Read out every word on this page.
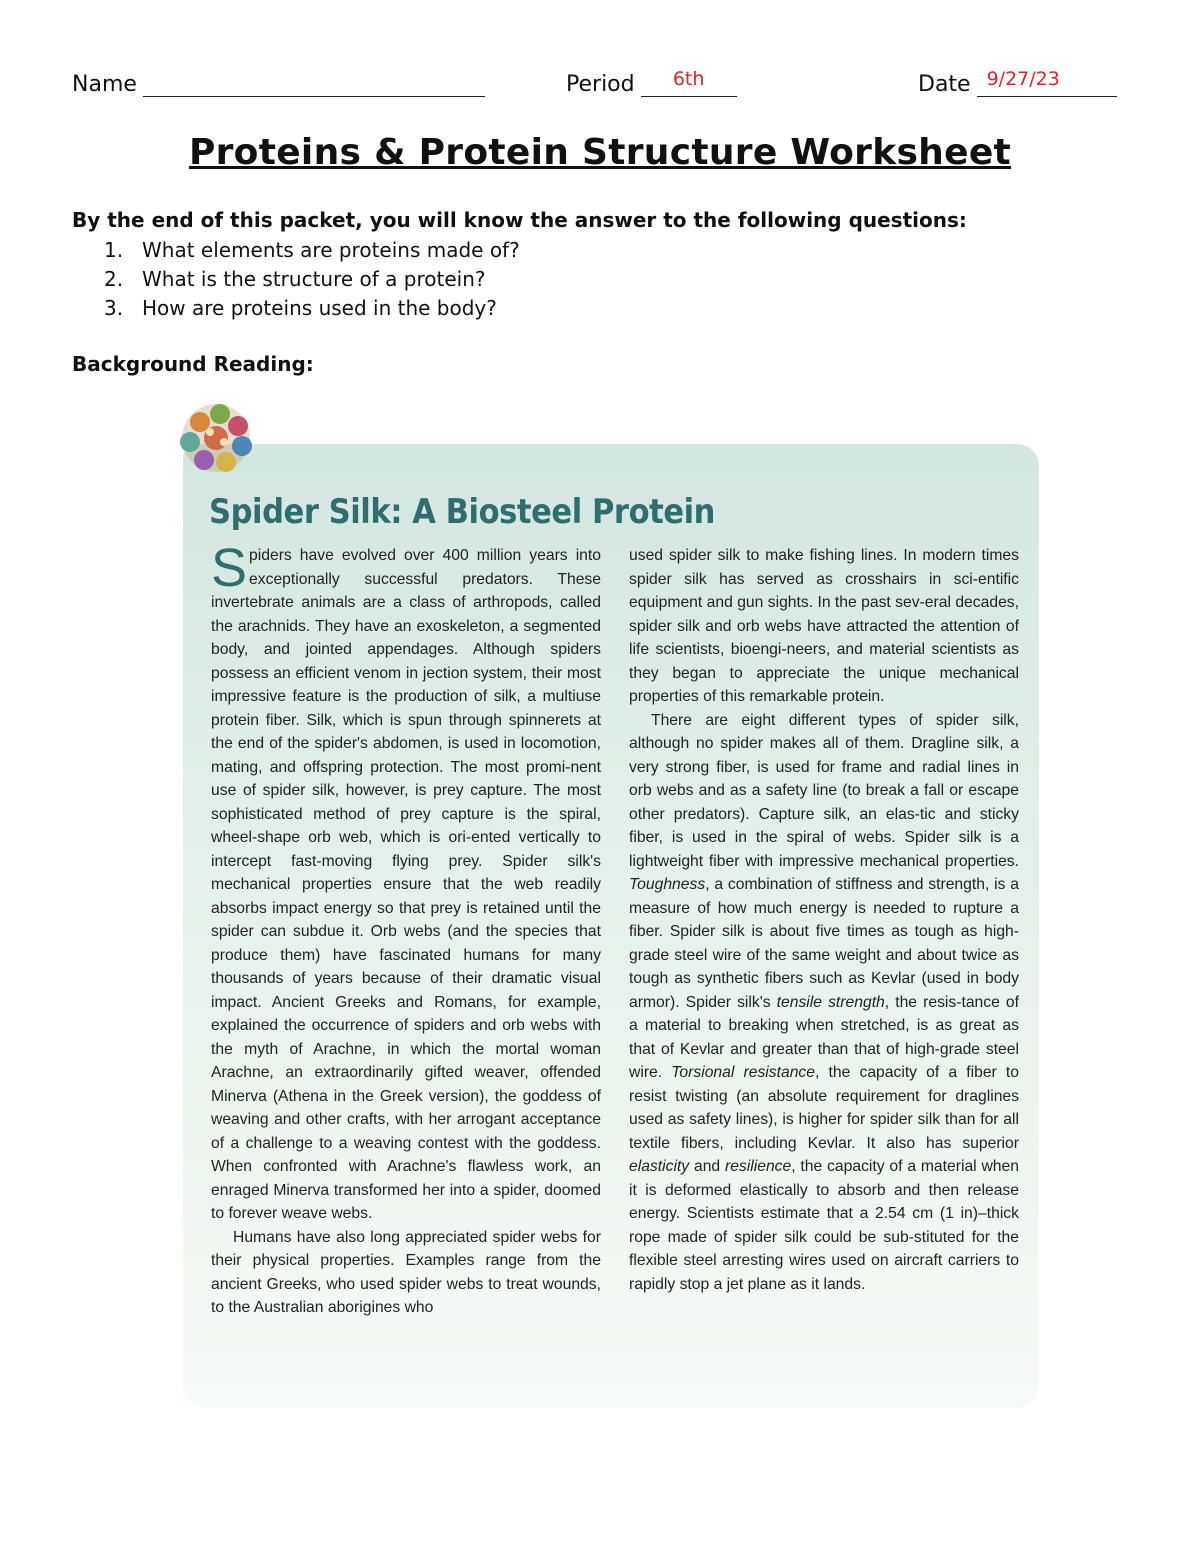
Name	Period	6th	Date 9/27/23
Proteins & Protein Structure Worksheet
By the end of this packet, you will know the answer to the following questions:
1. What elements are proteins made of?
2. What is the structure of a protein?
3. How are proteins used in the body?
Background Reading:
Spider Silk: A Biosteel Protein

Spiders have evolved over 400 million years into exceptionally successful predators. These invertebrate animals are a class of arthropods, called the arachnids. They have an exoskeleton, a segmented body, and jointed appendages. Although spiders possess an efficient venom in jection system, their most impressive feature is the production of silk, a multiuse protein fiber. Silk, which is spun through spinnerets at the end of the spider's abdomen, is used in locomotion, mating, and offspring protection. The most promi-nent use of spider silk, however, is prey capture. The most sophisticated method of prey capture is the spiral, wheel-shape orb web, which is ori-ented vertically to intercept fast-moving flying prey. Spider silk's mechanical properties ensure that the web readily absorbs impact energy so that prey is retained until the spider can subdue it. Orb webs (and the species that produce them) have fascinated humans for many thousands of years because of their dramatic visual impact. Ancient Greeks and Romans, for example, explained the occurrence of spiders and orb webs with the myth of Arachne, in which the mortal woman Arachne, an extraordinarily gifted weaver, offended Minerva (Athena in the Greek version), the goddess of weaving and other crafts, with her arrogant acceptance of a challenge to a weaving contest with the goddess. When confronted with Arachne's flawless work, an enraged Minerva transformed her into a spider, doomed to forever weave webs.

Humans have also long appreciated spider webs for their physical properties. Examples range from the ancient Greeks, who used spider webs to treat wounds, to the Australian aborigines who

used spider silk to make fishing lines. In modern times spider silk has served as crosshairs in sci-entific equipment and gun sights. In the past sev-eral decades, spider silk and orb webs have attracted the attention of life scientists, bioengi-neers, and material scientists as they began to appreciate the unique mechanical properties of this remarkable protein.

There are eight different types of spider silk, although no spider makes all of them. Dragline silk, a very strong fiber, is used for frame and radial lines in orb webs and as a safety line (to break a fall or escape other predators). Capture silk, an elas-tic and sticky fiber, is used in the spiral of webs. Spider silk is a lightweight fiber with impressive mechanical properties. Toughness, a combination of stiffness and strength, is a measure of how much energy is needed to rupture a fiber. Spider silk is about five times as tough as high-grade steel wire of the same weight and about twice as tough as synthetic fibers such as Kevlar (used in body armor). Spider silk's tensile strength, the resis-tance of a material to breaking when stretched, is as great as that of Kevlar and greater than that of high-grade steel wire. Torsional resistance, the capacity of a fiber to resist twisting (an absolute requirement for draglines used as safety lines), is higher for spider silk than for all textile fibers, including Kevlar. It also has superior elasticity and resilience, the capacity of a material when it is deformed elastically to absorb and then release energy. Scientists estimate that a 2.54 cm (1 in)–thick rope made of spider silk could be sub-stituted for the flexible steel arresting wires used on aircraft carriers to rapidly stop a jet plane as it lands.
